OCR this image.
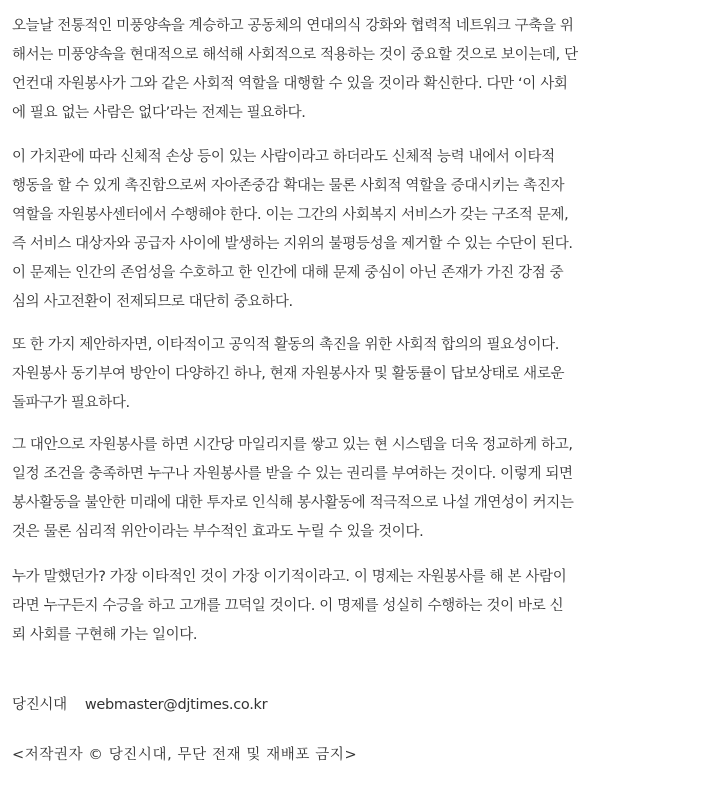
오늘날 전통적인 미풍양속을 계승하고 공동체의 연대의식 강화와 협력적 네트워크 구축을 위
해서는 미풍양속을 현대적으로 해석해 사회적으로 적용하는 것이 중요할 것으로 보이는데, 단
언컨대 자원봉사가 그와 같은 사회적 역할을 대행할 수 있을 것이라 확신한다. 다만 ‘이 사회
에 필요 없는 사람은 없다’라는 전제는 필요하다.

이 가치관에 따라 신체적 손상 등이 있는 사람이라고 하더라도 신체적 능력 내에서 이타적
행동을 할 수 있게 촉진함으로써 자아존중감 확대는 물론 사회적 역할을 증대시키는 촉진자
역할을 자원봉사센터에서 수행해야 한다. 이는 그간의 사회복지 서비스가 갖는 구조적 문제,
즉 서비스 대상자와 공급자 사이에 발생하는 지위의 불평등성을 제거할 수 있는 수단이 된다.
이 문제는 인간의 존엄성을 수호하고 한 인간에 대해 문제 중심이 아닌 존재가 가진 강점 중
심의 사고전환이 전제되므로 대단히 중요하다.

또 한 가지 제안하자면, 이타적이고 공익적 활동의 촉진을 위한 사회적 합의의 필요성이다.
자원봉사 동기부여 방안이 다양하긴 하나, 현재 자원봉사자 및 활동률이 답보상태로 새로운
돌파구가 필요하다.

그 대안으로 자원봉사를 하면 시간당 마일리지를 쌓고 있는 현 시스템을 더욱 정교하게 하고,
일정 조건을 충족하면 누구나 자원봉사를 받을 수 있는 권리를 부여하는 것이다. 이렇게 되면
봉사활동을 불안한 미래에 대한 투자로 인식해 봉사활동에 적극적으로 나설 개연성이 커지는
것은 물론 심리적 위안이라는 부수적인 효과도 누릴 수 있을 것이다.

누가 말했던가? 가장 이타적인 것이 가장 이기적이라고. 이 명제는 자원봉사를 해 본 사람이
라면 누구든지 수긍을 하고 고개를 끄덕일 것이다. 이 명제를 성실히 수행하는 것이 바로 신
뢰 사회를 구현해 가는 일이다.

당진시대 webmaster@djtimes.co.kr
<저작권자 © 당진시대, 무단 전재 및 재배포 금지>
